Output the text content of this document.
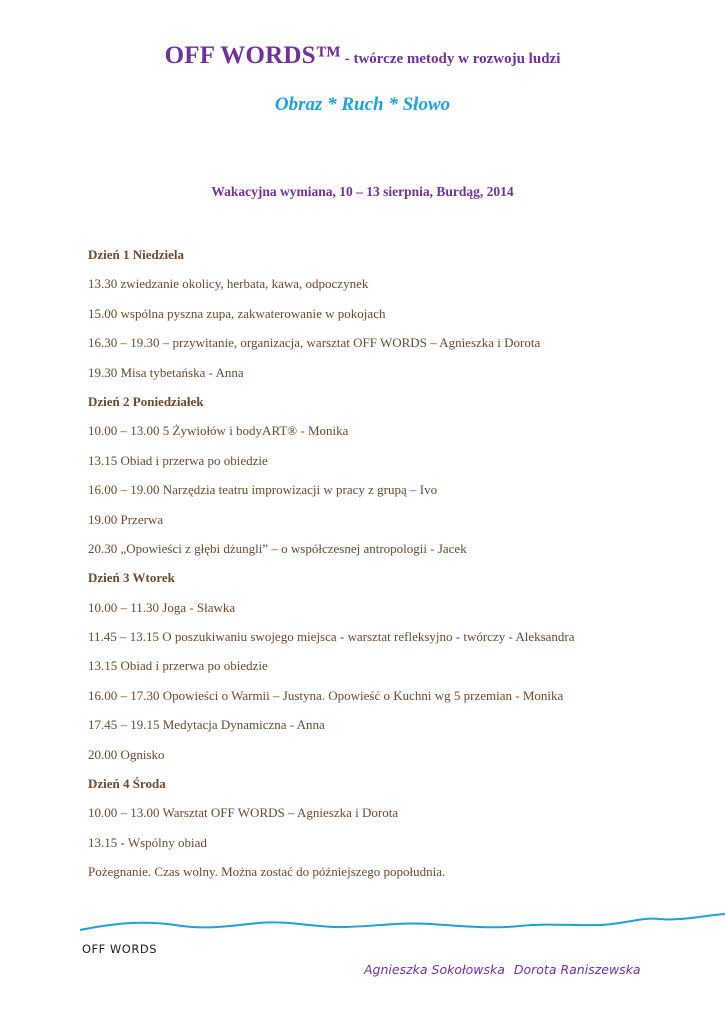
OFF WORDS™ - twórcze metody w rozwoju ludzi
Obraz * Ruch * Słowo
Wakacyjna wymiana, 10 – 13 sierpnia, Burdąg, 2014
Dzień 1 Niedziela
13.30 zwiedzanie okolicy, herbata, kawa, odpoczynek
15.00 wspólna pyszna zupa, zakwaterowanie w pokojach
16.30 – 19.30 – przywitanie, organizacja, warsztat OFF WORDS – Agnieszka i Dorota
19.30 Misa tybetańska - Anna
Dzień 2 Poniedziałek
10.00 – 13.00 5 Żywiołów i bodyART® - Monika
13.15 Obiad i przerwa po obiedzie
16.00 – 19.00 Narzędzia teatru improwizacji w pracy z grupą – Ivo
19.00 Przerwa
20.30 „Opowieści z głębi dżungli” – o współczesnej antropologii - Jacek
Dzień 3 Wtorek
10.00 – 11.30 Joga - Sławka
11.45 – 13.15 O poszukiwaniu swojego miejsca - warsztat refleksyjno - twórczy - Aleksandra
13.15 Obiad i przerwa po obiedzie
16.00 – 17.30 Opowieści o Warmii – Justyna. Opowieść o Kuchni wg 5 przemian - Monika
17.45 – 19.15 Medytacja Dynamiczna - Anna
20.00 Ognisko
Dzień 4 Środa
10.00 – 13.00 Warsztat OFF WORDS – Agnieszka i Dorota
13.15 - Wspólny obiad
Pożegnanie. Czas wolny. Można zostać do późniejszego popołudnia.
OFF WORDS
Agnieszka Sokołowska Dorota Raniszewska
